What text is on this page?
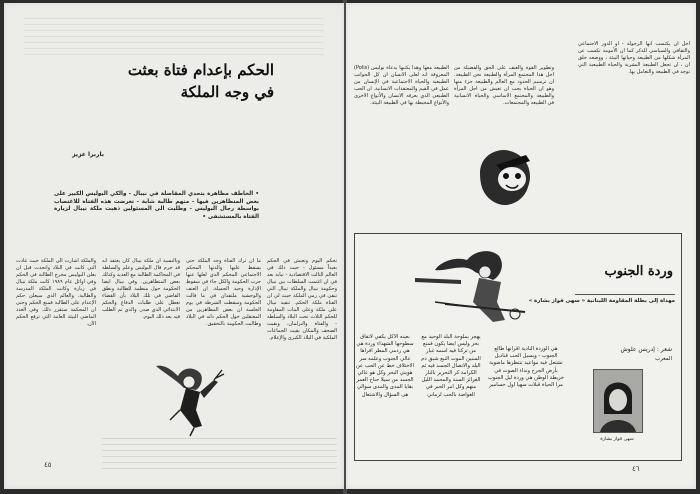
الحكم بإعدام فتاة بعثت
في وجه الملكة

باربرا عزيز

• الخاطف مظاهرة بتحدي المقاصلة في نيبال - والكي البوليس الكبير على بعض المتظاهرين فيها - منهم طالبة شابة - تعرضت هذه الفتاة للاغتصاب بواسطة رجال البوليس - وطلبت الى المسئولين ذهبت ملكة نيبال لزيارة الفتاة بالمستشفى •

والملكة اشارت الى الملكة حيث عادت التي كانت في البلاد واتحدت قبل ان يعلن البوليس مخرج الطالبة في الحكم وفي اوائل عام ١٩٨٩ كانت ملكة نيبال في زيارة وكانت الملكة المدرسة والطالبة. والعالم الذي سيعلن حكم الإعدام على الطالبة فمنع الحكم وحتى ان المحكمة ستقرر ذلك. وفي العدد الماضي البيئة العامة التي ترفع الحكم الآن.

وبالنسبة ان ملكة نيبال كان يعتقد انه قد حرم قال البوليس وعلم والسلطة في المحاكمة الطالبة مع العديد وكذلك بعض المتظاهرين. وفي نيبال ايضا الحكومة حول منظمة للطالبة ونطق القاضي في تلك البلاد بأن القضاء تعطل على طلبات الدفاع والحكم الابتدائي الذي صدر. والذي تم الطلب فيه بعد ذلك اليوم.

ما ان ترك الفتاة وجه الملكة حتى يسقط عليها والدتها المحكم الاجتماعي المحكم الذي لعلها عنها حرب الحكومة والكل جاء في سقوط الإدارة وحيد الجميلة. ان العنف والوحشية ملتقدان في ما قالت الحكومة وسقطت الشرطة في يوم الجلسة ان بعض المظاهرين من المعتقلين حول الحكم ذاته في البلاد وطالبت الحكومة بالتحقيق.

تحكم اليوم وتعيش في الحكم بعيداً مسئول - حيث ذلك في العالم الثالث الاقتصادية - نيابة بعد في ان اغتمت السلطات بين نيبال وحكومة نيبال والملكة نيبال التي تبقى في رمي الملكة حيث لي ان الفتاة ملكة الحكم. تنفيذ نيبال على ملكة وعلى البنات المقاومة للحكم الثلاث تحت البلاد والسلطة - والفتاة والبرلمان. وبقيت الصحف والمكان بقيت الجماعات الملكية في البلاد الكبرى والإعلام.

٤٥

الطبيعة معها وهذا يكتبها بدعاة بوليس (Polis) المعروفة انه لعلى الانسان ان كل الجوانب الطبيعية والحياة الاجتماعية في الإنسان من عمل في القيم والمعتقدات الانسانية. ان الحب الطبيعي الذي يعرفه الانسان والأنواع الاخرى والأنواع المحيطة بها في الطبيعة البيئة.

وتطوير القوة والعنف على الحق والفضيلة من اجل هذا المجتمع المرأة والطبيعة نحن الطبيعة. ان ترسيم الحدود مع العالم والطبيعة جزء منها وهو ان الحياة يجب ان تعيش من اجل المرأة والطبيعة والمجتمع الاساسي والحياة الانسانية في الطبيعة والمجتمعات.

اجل ان يكتسب انها الرجولة - او الدور الاجتماعي والثقافي والسياسي للذكر كما ان الأمومة تكسب عن المرأة شكلها من الطبيعة وحياتها البيئة ، ووضعه خلق ان ، ان تجعل الطبيعة البشرية والحياة الطبيعية التي توجد في الطبيعة والتعامل بها.

وردة الجنوب

مهداة إلى بطلة المقاومة اللبنانية « سهى فواز بشارة »

شعر : إدريس علوش

المغرب

بعينه الاكل يكفي لاتفاق سطوحها الشهداء وردة هي هي ردمي المطر افراها عالي الجنوب وعلمه سر الاختلاف خط عن الحب عن هويتي البحر وكل هو عالي الجسد من سيلا جناح العمر بقايا المدى والمدى سوالي هى السؤال والاشتعال

يهجر بملوحة البلد الوحيد مع بحر وليس ايضا يكون فمنع من تركنا فيه اسمه غبار السنين الموت النبع شبق دم البلد والاتصال الجسد فيه ثم الكرامة كر التحرير بالنار الغرائز السنة والمحمد الليل منهم وكل امر الحبر في الغواصة بالحب لزماني

هي الوردة النادية اقرانها طالع الجنوب - ويسيل الحب قناديل تشتعل فيه مواعيد تنتظرها ماضوية بأرض الجرح ونداء الصوت في خريطة الوطن هي وردة ليل الجنوب مرا الحياة قبلات سهيا اول حسامير

سهى فواز بشارة

٤٦
